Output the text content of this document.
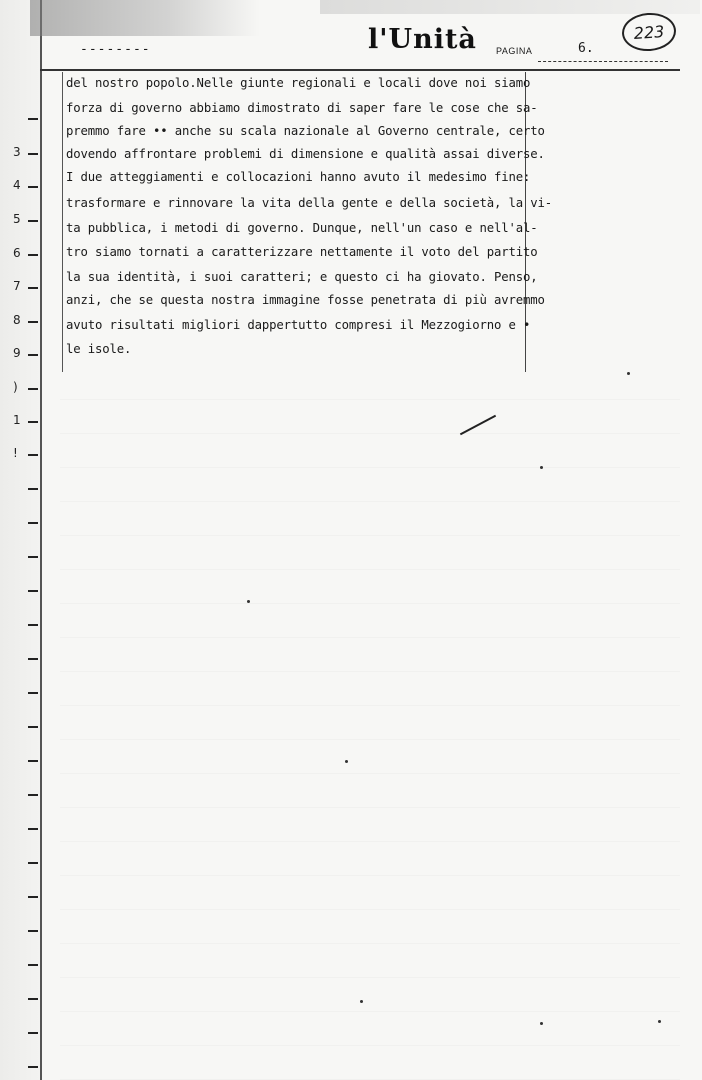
--------	l'Unità PAGINA	6.
223
del nostro popolo.Nelle giunte regionali e locali dove noi siamo
forza di governo abbiamo dimostrato di saper fare le cose che sa-
premmo fare •• anche su scala nazionale al Governo centrale, certo
dovendo affrontare problemi di dimensione e qualità assai diverse.
I due atteggiamenti e collocazioni hanno avuto il medesimo fine:
trasformare e rinnovare la vita della gente e della società, la vi-
ta pubblica, i metodi di governo. Dunque, nell'un caso e nell'al-
tro siamo tornati a caratterizzare nettamente il voto del partito
la sua identità, i suoi caratteri; e questo ci ha giovato. Penso,
anzi, che se questa nostra immagine fosse penetrata di più avremmo
avuto risultati migliori dappertutto compresi il Mezzogiorno e •
le isole.
3
4
5
6
7
8
9
)
1
!
